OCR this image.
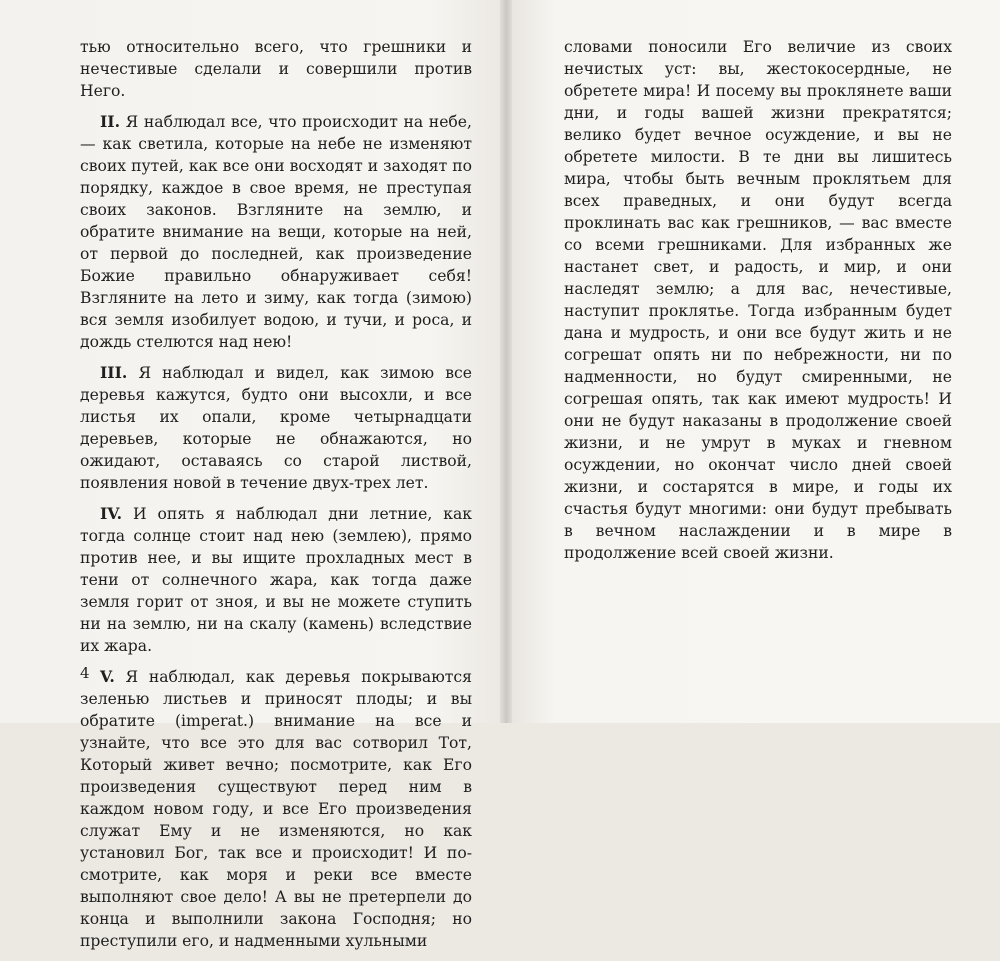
тью относительно всего, что грешники и нечестивые сделали и совершили против Него.

II. Я наблюдал все, что происходит на небе, — как светила, которые на небе не изменяют своих путей, как все они восходят и заходят по порядку, каждое в свое время, не преступая своих законов. Взгляните на землю, и обратите внимание на вещи, которые на ней, от первой до последней, как произведение Божие правильно обнаруживает себя! Взгляните на лето и зиму, как тогда (зимою) вся земля изобилует водою, и тучи, и роса, и дождь стелются над нею!

III. Я наблюдал и видел, как зимою все деревья кажутся, будто они высохли, и все листья их опали, кроме четырнадцати деревьев, которые не обнажаются, но ожидают, оставаясь со старой листвой, появления новой в течение двух-трех лет.

IV. И опять я наблюдал дни летние, как тогда солнце стоит над нею (землею), прямо против нее, и вы ищите прохладных мест в тени от солнечного жара, как тогда даже земля горит от зноя, и вы не можете ступить ни на землю, ни на скалу (камень) вследствие их жара.

V. Я наблюдал, как деревья покрываются зеленью листьев и приносят плоды; и вы обратите (imperat.) внимание на все и узнайте, что все это для вас сотворил Тот, Который живет вечно; посмотрите, как Его произведения существуют перед ним в каждом новом году, и все Его произведения служат Ему и не изменяются, но как установил Бог, так все и происходит! И посмотрите, как моря и реки все вместе выполняют свое дело! А вы не претерпели до конца и выполнили закона Господня; но преступили его, и надменными хульными

4

словами поносили Его величие из своих нечистых уст: вы, жестокосердные, не обретете мира! И посему вы проклянете ваши дни, и годы вашей жизни прекратятся; велико будет вечное осуждение, и вы не обретете милости. В те дни вы лишитесь мира, чтобы быть вечным проклятьем для всех праведных, и они будут всегда проклинать вас как грешников, — вас вместе со всеми грешниками. Для избранных же настанет свет, и радость, и мир, и они наследят землю; а для вас, нечестивые, наступит проклятье. Тогда избранным будет дана и мудрость, и они все будут жить и не согрешат опять ни по небрежности, ни по надменности, но будут смиренными, не согрешая опять, так как имеют мудрость! И они не будут наказаны в продолжение своей жизни, и не умрут в муках и гневном осуждении, но окончат число дней своей жизни, и состарятся в мире, и годы их счастья будут многими: они будут пребывать в вечном наслаждении и в мире в продолжение всей своей жизни.
